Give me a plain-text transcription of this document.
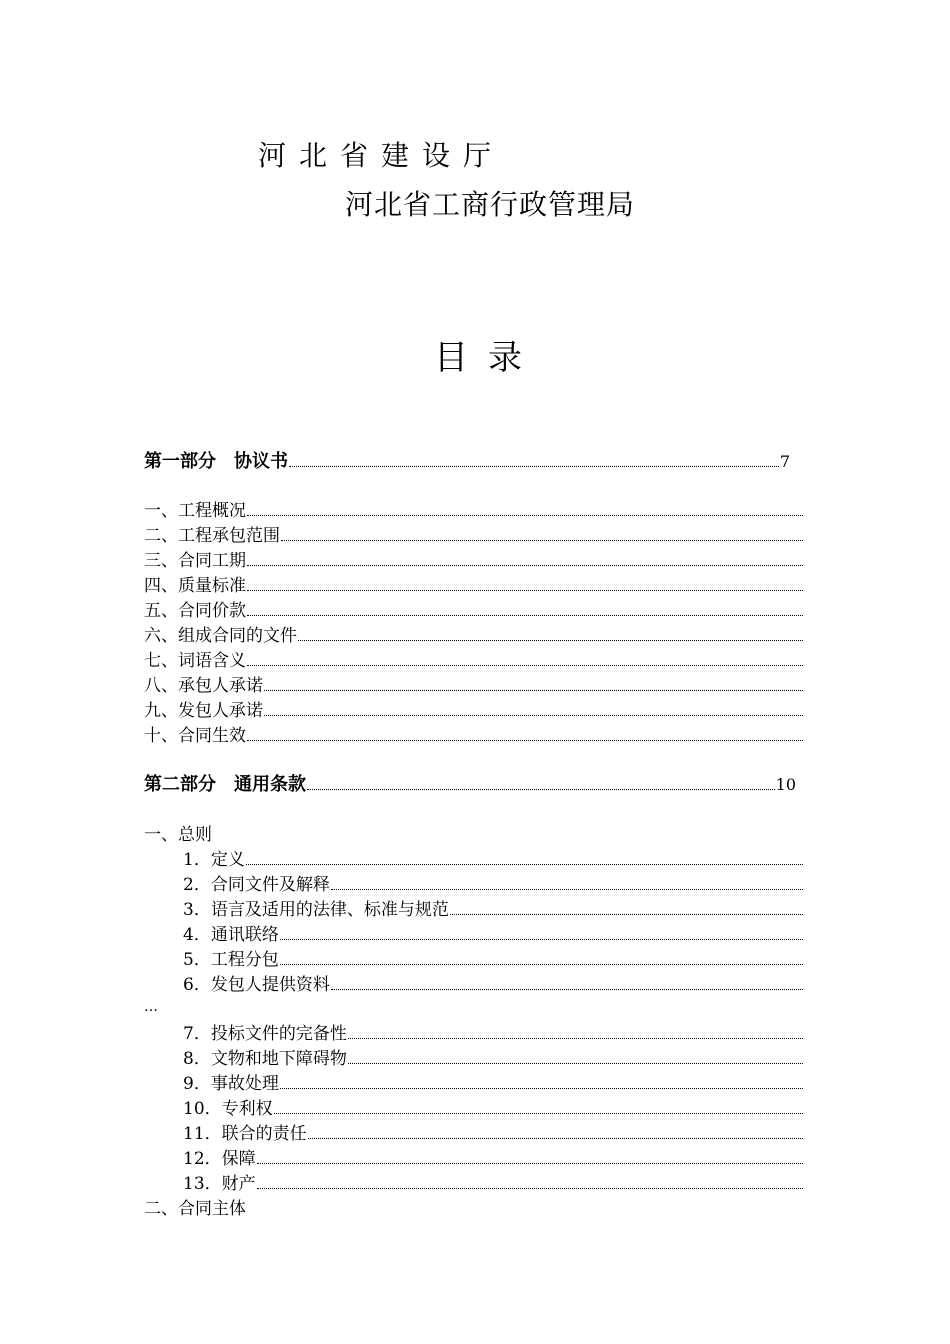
河北省建设厅
河北省工商行政管理局
目录
第一部分　协议书	7
一、工程概况
二、工程承包范围
三、合同工期
四、质量标准
五、合同价款
六、组成合同的文件
七、词语含义
八、承包人承诺
九、发包人承诺
十、合同生效
第二部分　通用条款	10
一、总则
1．定义
2．合同文件及解释
3．语言及适用的法律、标准与规范
4．通讯联络
5．工程分包
6．发包人提供资料
…
7．投标文件的完备性
8．文物和地下障碍物
9．事故处理
10．专利权
11．联合的责任
12．保障
13．财产
二、合同主体
